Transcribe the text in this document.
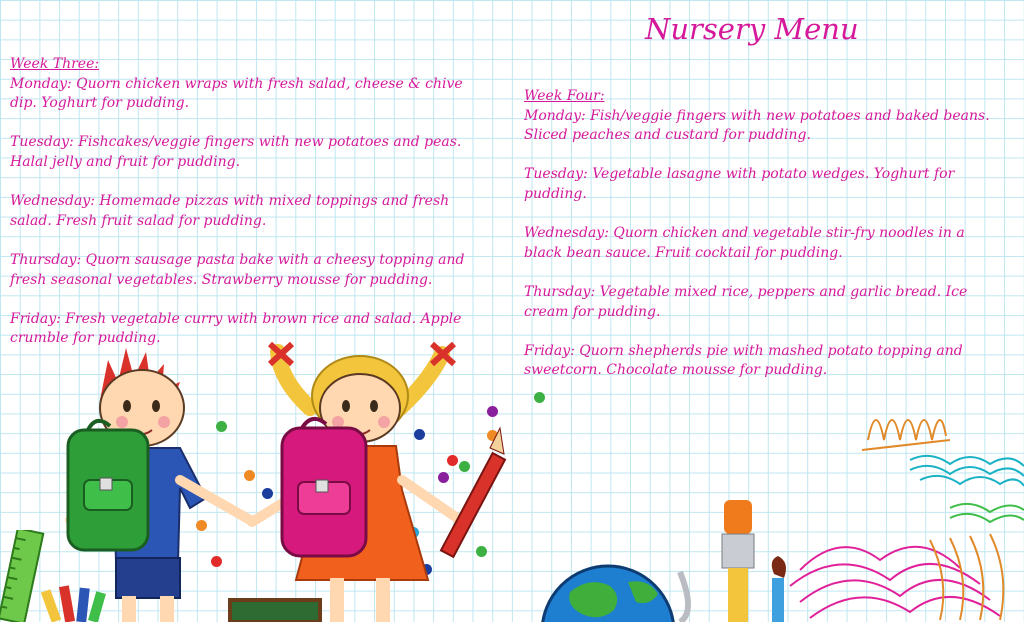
Nursery Menu
Week Three:
Monday: Quorn chicken wraps with fresh salad, cheese & chive dip. Yoghurt for pudding.
Tuesday: Fishcakes/veggie fingers with new potatoes and peas. Halal jelly and fruit for pudding.
Wednesday: Homemade pizzas with mixed toppings and fresh salad. Fresh fruit salad for pudding.
Thursday: Quorn sausage pasta bake with a cheesy topping and fresh seasonal vegetables. Strawberry mousse for pudding.
Friday: Fresh vegetable curry with brown rice and salad. Apple crumble for pudding.
Week Four:
Monday: Fish/veggie fingers with new potatoes and baked beans. Sliced peaches and custard for pudding.
Tuesday: Vegetable lasagne with potato wedges. Yoghurt for pudding.
Wednesday: Quorn chicken and vegetable stir-fry noodles in a black bean sauce. Fruit cocktail for pudding.
Thursday: Vegetable mixed rice, peppers and garlic bread. Ice cream for pudding.
Friday: Quorn shepherds pie with mashed potato topping and sweetcorn. Chocolate mousse for pudding.
